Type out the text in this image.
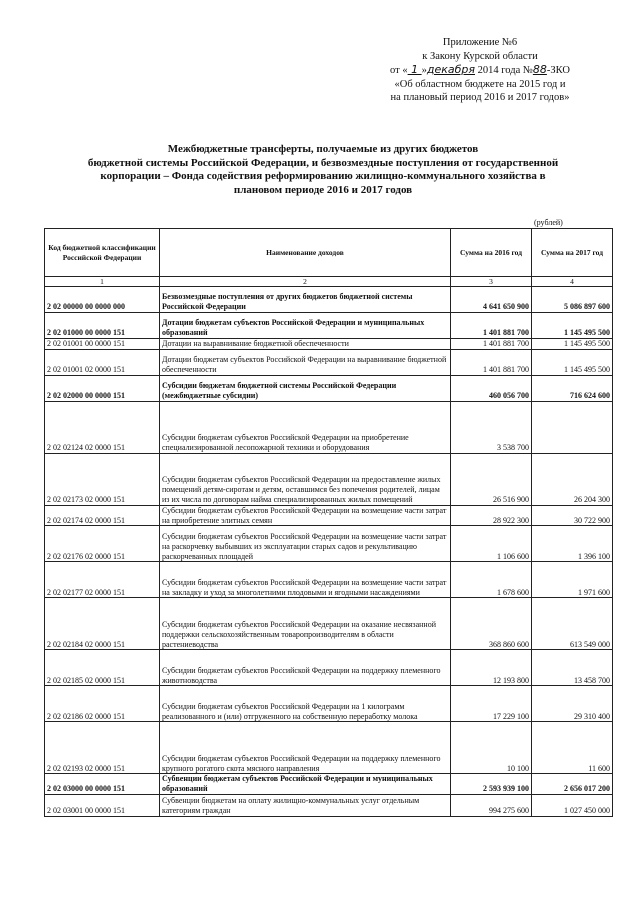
Приложение №6
к Закону Курской области
от « 1 »декабря 2014 года №88-ЗКО
«Об областном бюджете на 2015 год и
на плановый период 2016 и 2017 годов»
Межбюджетные трансферты, получаемые из других бюджетов
бюджетной системы Российской Федерации, и безвозмездные поступления от государственной
корпорации – Фонда содействия реформированию жилищно-коммунального хозяйства в
плановом периоде 2016 и 2017 годов
(рублей)
Код бюджетной классификации Российской Федерации	Наименование доходов	Сумма на 2016 год	Сумма на 2017 год
1	2	3	4
2 02 00000 00 0000 000	Безвозмездные поступления от других бюджетов бюджетной системы Российской Федерации	4 641 650 900	5 086 897 600
2 02 01000 00 0000 151	Дотации бюджетам субъектов Российской Федерации и муниципальных образований	1 401 881 700	1 145 495 500
2 02 01001 00 0000 151	Дотации на выравнивание бюджетной обеспеченности	1 401 881 700	1 145 495 500
2 02 01001 02 0000 151	Дотации бюджетам субъектов Российской Федерации на выравнивание бюджетной обеспеченности	1 401 881 700	1 145 495 500
2 02 02000 00 0000 151	Субсидии бюджетам бюджетной системы Российской Федерации (межбюджетные субсидии)	460 056 700	716 624 600
2 02 02124 02 0000 151	Субсидии бюджетам субъектов Российской Федерации на приобретение специализированной лесопожарной техники и оборудования	3 538 700	
2 02 02173 02 0000 151	Субсидии бюджетам субъектов Российской Федерации на предоставление жилых помещений детям-сиротам и детям, оставшимся без попечения родителей, лицам из их числа по договорам найма специализированных жилых помещений	26 516 900	26 204 300
2 02 02174 02 0000 151	Субсидии бюджетам субъектов Российской Федерации на возмещение части затрат на приобретение элитных семян	28 922 300	30 722 900
2 02 02176 02 0000 151	Субсидии бюджетам субъектов Российской Федерации на возмещение части затрат на раскорчевку выбывших из эксплуатации старых садов и рекультивацию раскорчеванных площадей	1 106 600	1 396 100
2 02 02177 02 0000 151	Субсидии бюджетам субъектов Российской Федерации на возмещение части затрат на закладку и уход за многолетними плодовыми и ягодными насаждениями	1 678 600	1 971 600
2 02 02184 02 0000 151	Субсидии бюджетам субъектов Российской Федерации на оказание несвязанной поддержки сельскохозяйственным товаропроизводителям в области растениеводства	368 860 600	613 549 000
2 02 02185 02 0000 151	Субсидии бюджетам субъектов Российской Федерации на поддержку племенного животноводства	12 193 800	13 458 700
2 02 02186 02 0000 151	Субсидии бюджетам субъектов Российской Федерации на 1 килограмм реализованного и (или) отгруженного на собственную переработку молока	17 229 100	29 310 400
2 02 02193 02 0000 151	Субсидии бюджетам субъектов Российской Федерации на поддержку племенного крупного рогатого скота мясного направления	10 100	11 600
2 02 03000 00 0000 151	Субвенции бюджетам субъектов Российской Федерации и муниципальных образований	2 593 939 100	2 656 017 200
2 02 03001 00 0000 151	Субвенции бюджетам на оплату жилищно-коммунальных услуг отдельным категориям граждан	994 275 600	1 027 450 000
